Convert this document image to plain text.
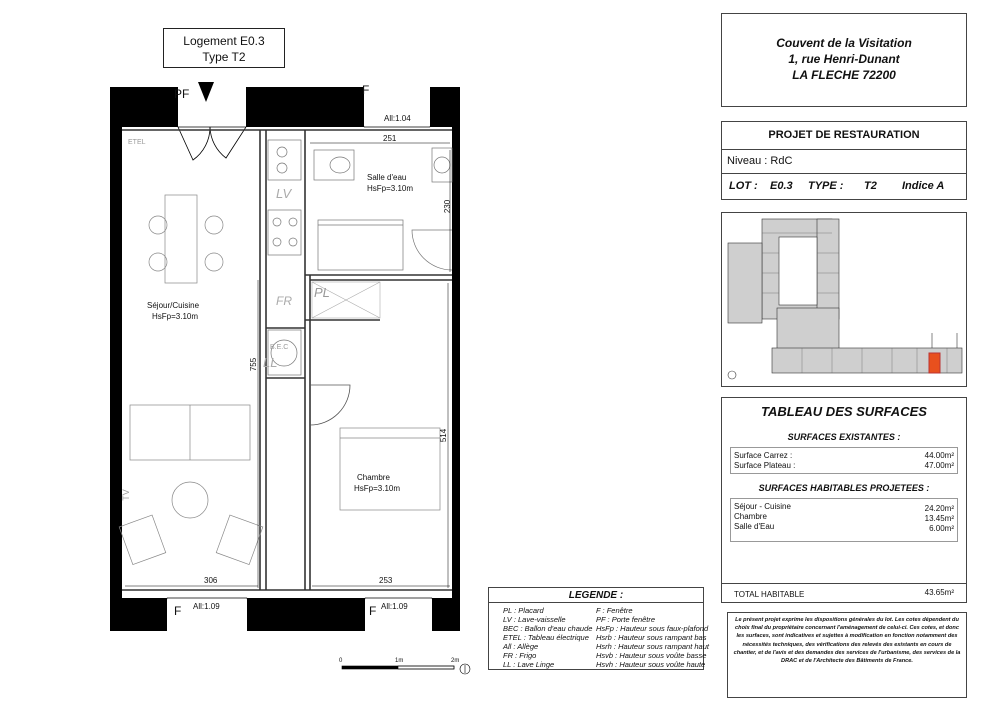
PF	F
All:1.04
ETEL
LV
FR
PL
B.E.C
LL
TV
Salle d'eau
HsFp=3.10m
Séjour/Cuisine
HsFp=3.10m
Chambre
HsFp=3.10m
251
230
755
514
306	253
F All:1.09	F All:1.09
Logement E0.3
Type T2
Couvent de la Visitation
1, rue Henri-Dunant
LA FLECHE 72200
PROJET DE RESTAURATION
Niveau : RdC
LOT : E0.3 TYPE : T2 Indice A
TABLEAU DES SURFACES
SURFACES EXISTANTES :
Surface Carrez :	44.00m²
Surface Plateau :	47.00m²
SURFACES HABITABLES PROJETEES :
Séjour - Cuisine	24.20m²
Chambre	13.45m²
Salle d'Eau	6.00m²
TOTAL HABITABLE	43.65m²
Le présent projet exprime les dispositions générales du lot. Les cotes dépendent du choix final du propriétaire concernant l'aménagement de celui-ci. Ces cotes, et donc les surfaces, sont indicatives et sujettes à modification en fonction notamment des nécessités techniques, des vérifications des relevés des existants en cours de chantier, et de l'avis et des demandes des services de l'urbanisme, des services de la DRAC et de l'Architecte des Bâtiments de France.
LEGENDE :
PL : Placard
LV : Lave-vaisselle
BEC : Ballon d'eau chaude
ETEL : Tableau électrique
All : Allège
FR : Frigo
LL : Lave Linge
F : Fenêtre
PF : Porte fenêtre
HsFp : Hauteur sous faux-plafond
Hsrb : Hauteur sous rampant bas
Hsrh : Hauteur sous rampant haut
Hsvb : Hauteur sous voûte basse
Hsvh : Hauteur sous voûte haute
0	1m	2m
